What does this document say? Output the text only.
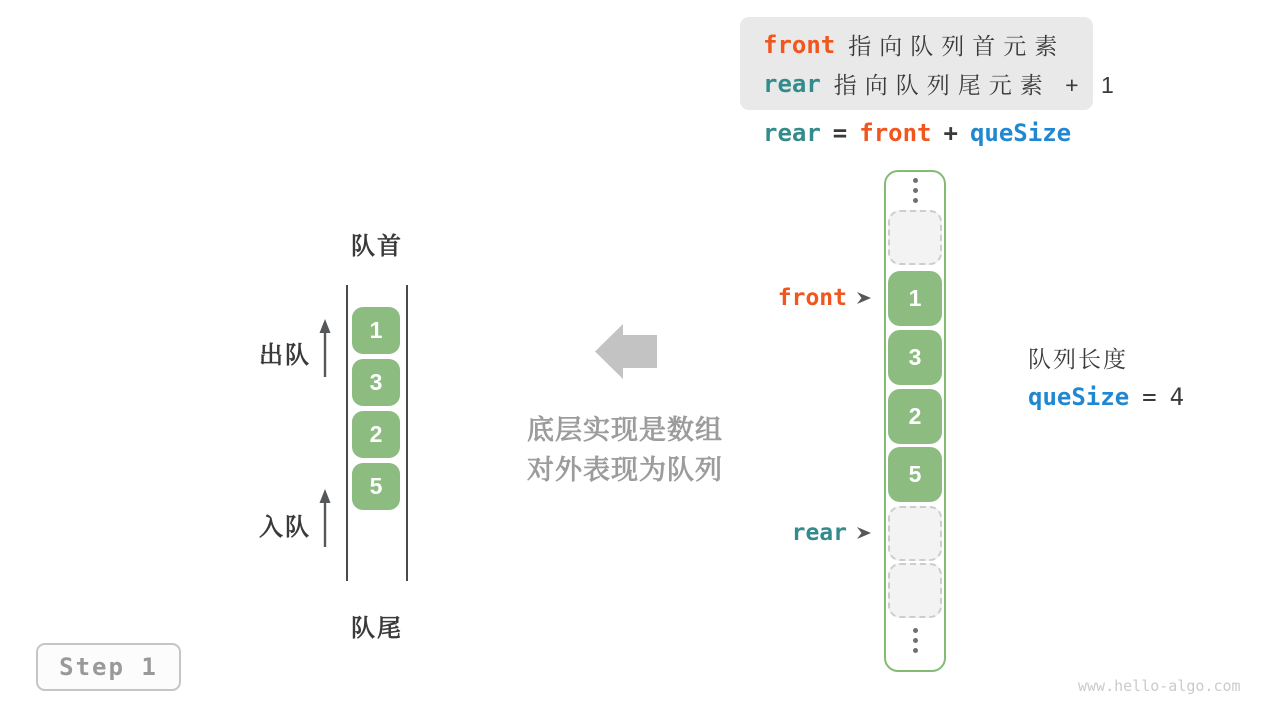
front 指向队列首元素
rear 指向队列尾元素 + 1
rear = front + queSize
队首
1
3
2
5
队尾
出队
入队
底层实现是数组
对外表现为队列
1
3
2
5
front
rear
队列长度
queSize = 4
Step 1
www.hello-algo.com
